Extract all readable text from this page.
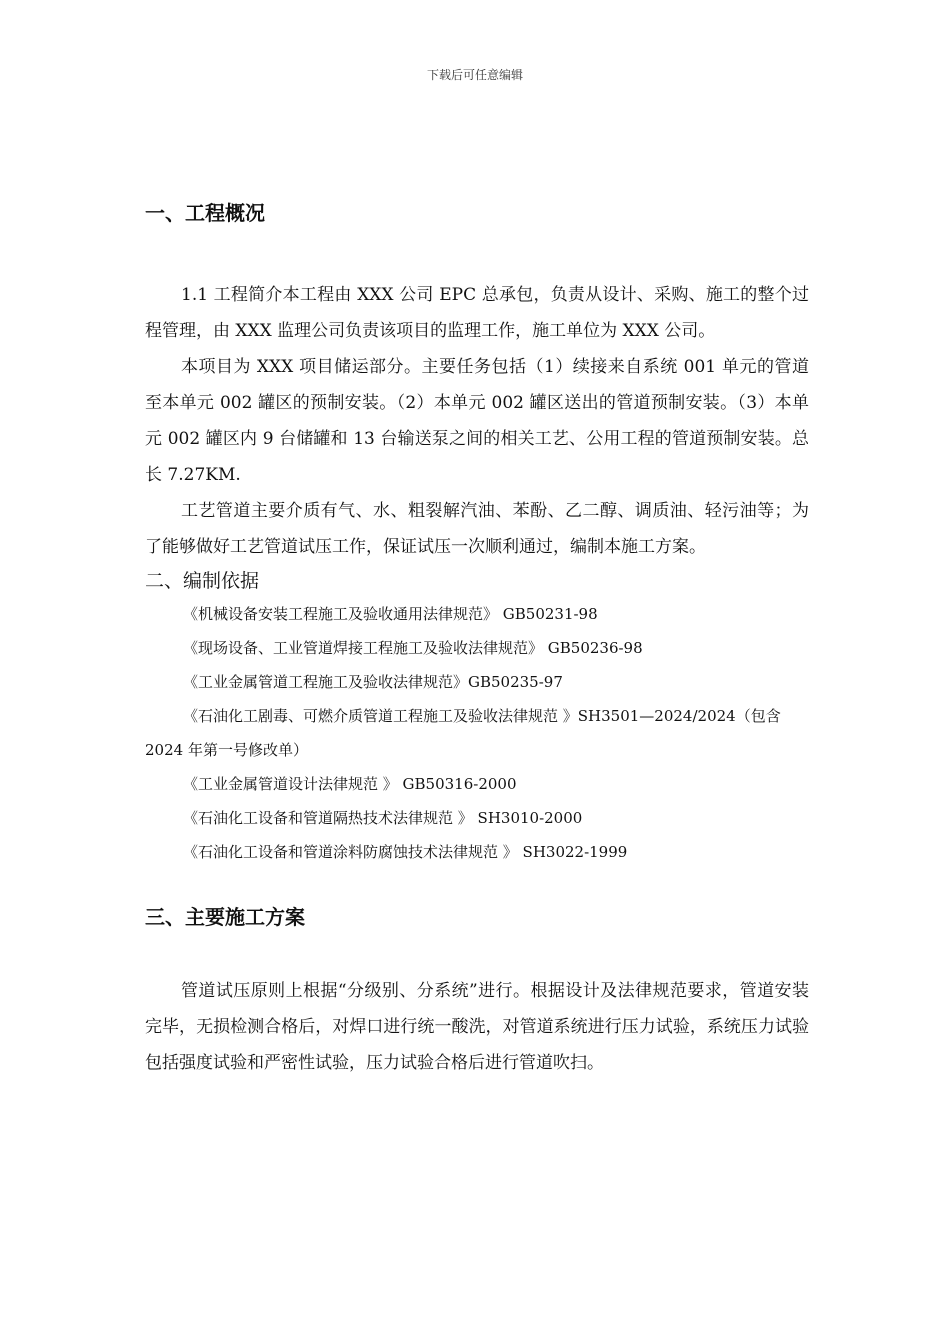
下载后可任意编辑
一、工程概况

1.1 工程简介本工程由 XXX 公司 EPC 总承包，负责从设计、采购、施工的整个过程管理，由 XXX 监理公司负责该项目的监理工作，施工单位为 XXX 公司。

本项目为 XXX 项目储运部分。主要任务包括（1）续接来自系统 001 单元的管道至本单元 002 罐区的预制安装。（2）本单元 002 罐区送出的管道预制安装。（3）本单元 002 罐区内 9 台储罐和 13 台输送泵之间的相关工艺、公用工程的管道预制安装。总长 7.27KM.

工艺管道主要介质有气、水、粗裂解汽油、苯酚、乙二醇、调质油、轻污油等；为了能够做好工艺管道试压工作，保证试压一次顺利通过，编制本施工方案。

二、编制依据

《机械设备安装工程施工及验收通用法律规范》 GB50231-98

《现场设备、工业管道焊接工程施工及验收法律规范》 GB50236-98

《工业金属管道工程施工及验收法律规范》GB50235-97

《石油化工剧毒、可燃介质管道工程施工及验收法律规范 》SH3501—2024/2024（包含 2024 年第一号修改单）

《工业金属管道设计法律规范 》 GB50316-2000

《石油化工设备和管道隔热技术法律规范 》 SH3010-2000

《石油化工设备和管道涂料防腐蚀技术法律规范 》 SH3022-1999

三、主要施工方案

管道试压原则上根据“分级别、分系统”进行。根据设计及法律规范要求，管道安装完毕，无损检测合格后，对焊口进行统一酸洗，对管道系统进行压力试验，系统压力试验包括强度试验和严密性试验，压力试验合格后进行管道吹扫。
